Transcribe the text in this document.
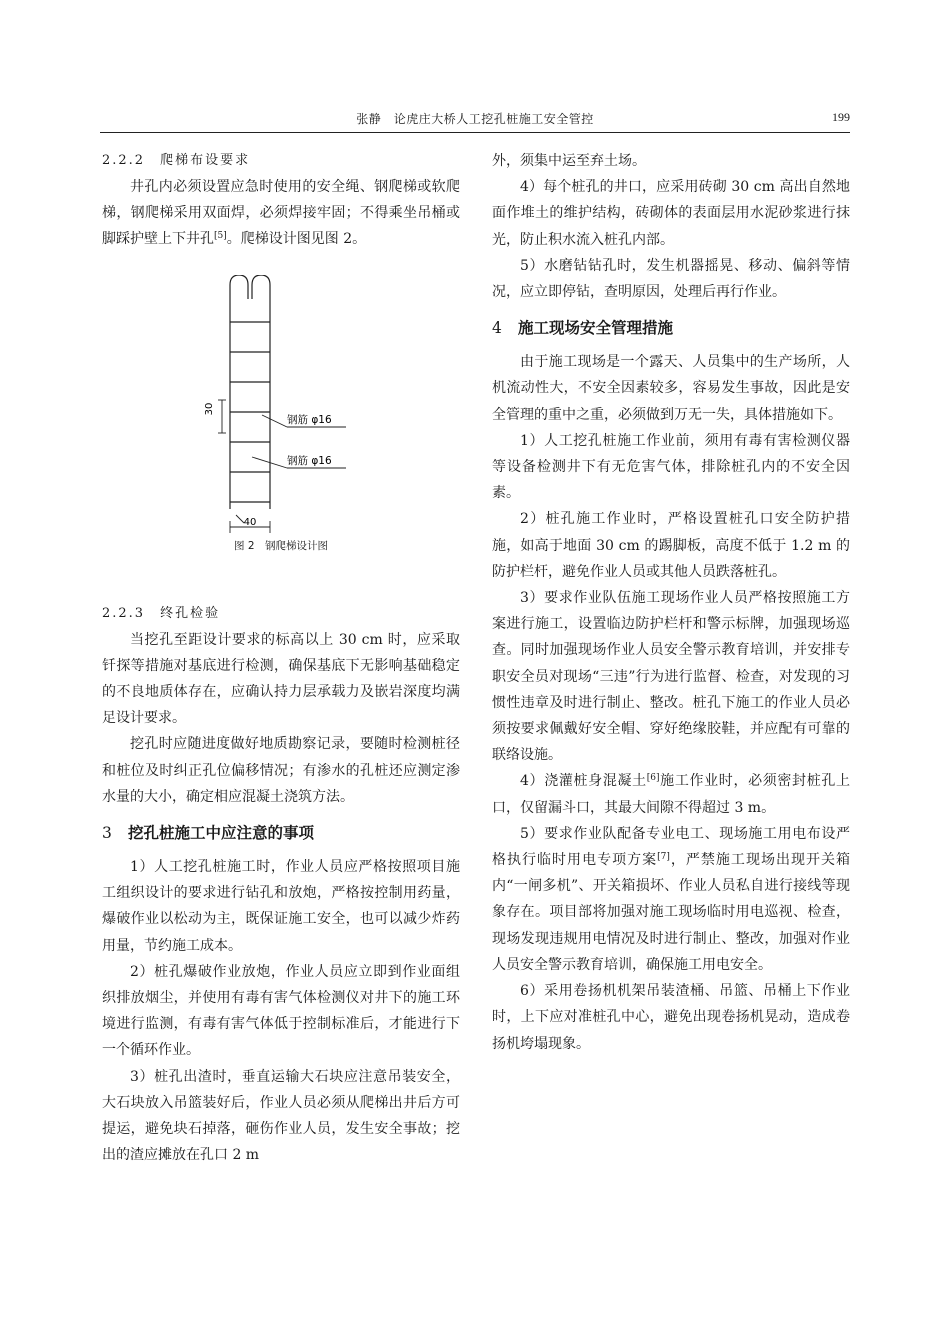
张静　论虎庄大桥人工挖孔桩施工安全管控	199
2.2.2　爬梯布设要求

井孔内必须设置应急时使用的安全绳、钢爬梯或软爬梯，钢爬梯采用双面焊，必须焊接牢固；不得乘坐吊桶或脚踩护壁上下井孔[5]。爬梯设计图见图 2。

30
钢筋 φ16
钢筋 φ16
40
图 2　钢爬梯设计图
2.2.3　终孔检验

当挖孔至距设计要求的标高以上 30 cm 时，应采取钎探等措施对基底进行检测，确保基底下无影响基础稳定的不良地质体存在，应确认持力层承载力及嵌岩深度均满足设计要求。

挖孔时应随进度做好地质勘察记录，要随时检测桩径和桩位及时纠正孔位偏移情况；有渗水的孔桩还应测定渗水量的大小，确定相应混凝土浇筑方法。

3 挖孔桩施工中应注意的事项

1）人工挖孔桩施工时，作业人员应严格按照项目施工组织设计的要求进行钻孔和放炮，严格按控制用药量，爆破作业以松动为主，既保证施工安全，也可以减少炸药用量，节约施工成本。

2）桩孔爆破作业放炮，作业人员应立即到作业面组织排放烟尘，并使用有毒有害气体检测仪对井下的施工环境进行监测，有毒有害气体低于控制标准后，才能进行下一个循环作业。

3）桩孔出渣时，垂直运输大石块应注意吊装安全，大石块放入吊篮装好后，作业人员必须从爬梯出井后方可提运，避免块石掉落，砸伤作业人员，发生安全事故；挖出的渣应摊放在孔口 2 m

外，须集中运至弃土场。

4）每个桩孔的井口，应采用砖砌 30 cm 高出自然地面作堆土的维护结构，砖砌体的表面层用水泥砂浆进行抹光，防止积水流入桩孔内部。

5）水磨钻钻孔时，发生机器摇晃、移动、偏斜等情况，应立即停钻，查明原因，处理后再行作业。

4 施工现场安全管理措施

由于施工现场是一个露天、人员集中的生产场所，人机流动性大，不安全因素较多，容易发生事故，因此是安全管理的重中之重，必须做到万无一失，具体措施如下。

1）人工挖孔桩施工作业前，须用有毒有害检测仪器等设备检测井下有无危害气体，排除桩孔内的不安全因素。

2）桩孔施工作业时，严格设置桩孔口安全防护措施，如高于地面 30 cm 的踢脚板，高度不低于 1.2 m 的防护栏杆，避免作业人员或其他人员跌落桩孔。

3）要求作业队伍施工现场作业人员严格按照施工方案进行施工，设置临边防护栏杆和警示标牌，加强现场巡查。同时加强现场作业人员安全警示教育培训，并安排专职安全员对现场“三违”行为进行监督、检查，对发现的习惯性违章及时进行制止、整改。桩孔下施工的作业人员必须按要求佩戴好安全帽、穿好绝缘胶鞋，并应配有可靠的联络设施。

4）浇灌桩身混凝土[6]施工作业时，必须密封桩孔上口，仅留漏斗口，其最大间隙不得超过 3 m。

5）要求作业队配备专业电工、现场施工用电布设严格执行临时用电专项方案[7]，严禁施工现场出现开关箱内“一闸多机”、开关箱损坏、作业人员私自进行接线等现象存在。项目部将加强对施工现场临时用电巡视、检查，现场发现违规用电情况及时进行制止、整改，加强对作业人员安全警示教育培训，确保施工用电安全。

6）采用卷扬机机架吊装渣桶、吊篮、吊桶上下作业时，上下应对准桩孔中心，避免出现卷扬机晃动，造成卷扬机垮塌现象。
